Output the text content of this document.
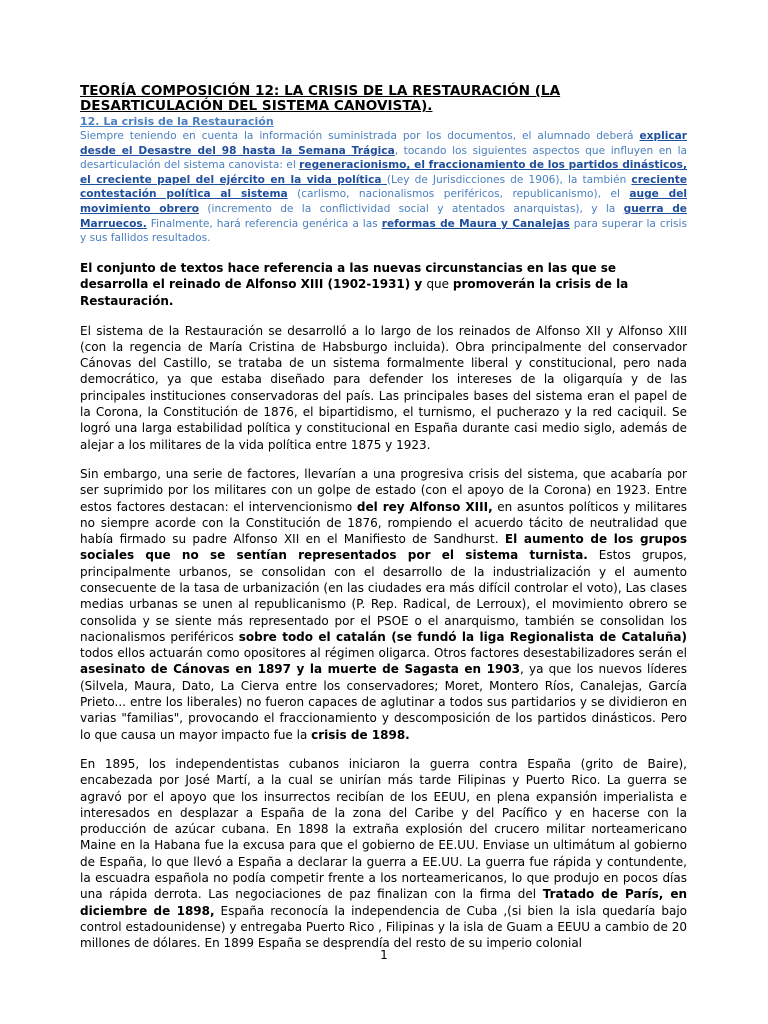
TEORÍA COMPOSICIÓN 12: LA CRISIS DE LA RESTAURACIÓN (LA DESARTICULACIÓN DEL SISTEMA CANOVISTA).
12. La crisis de la Restauración

Siempre teniendo en cuenta la información suministrada por los documentos, el alumnado deberá explicar desde el Desastre del 98 hasta la Semana Trágica, tocando los siguientes aspectos que influyen en la desarticulación del sistema canovista: el regeneracionismo, el fraccionamiento de los partidos dinásticos, el creciente papel del ejército en la vida política (Ley de Jurisdicciones de 1906), la también creciente contestación política al sistema (carlismo, nacionalismos periféricos, republicanismo), el auge del movimiento obrero (incremento de la conflictividad social y atentados anarquistas), y la guerra de Marruecos. Finalmente, hará referencia genérica a las reformas de Maura y Canalejas para superar la crisis y sus fallidos resultados.

El conjunto de textos hace referencia a las nuevas circunstancias en las que se desarrolla el reinado de Alfonso XIII (1902-1931) y que promoverán la crisis de la Restauración.

El sistema de la Restauración se desarrolló a lo largo de los reinados de Alfonso XII y Alfonso XIII (con la regencia de María Cristina de Habsburgo incluida). Obra principalmente del conservador Cánovas del Castillo, se trataba de un sistema formalmente liberal y constitucional, pero nada democrático, ya que estaba diseñado para defender los intereses de la oligarquía y de las principales instituciones conservadoras del país. Las principales bases del sistema eran el papel de la Corona, la Constitución de 1876, el bipartidismo, el turnismo, el pucherazo y la red caciquil. Se logró una larga estabilidad política y constitucional en España durante casi medio siglo, además de alejar a los militares de la vida política entre 1875 y 1923.

Sin embargo, una serie de factores, llevarían a una progresiva crisis del sistema, que acabaría por ser suprimido por los militares con un golpe de estado (con el apoyo de la Corona) en 1923. Entre estos factores destacan: el intervencionismo del rey Alfonso XIII, en asuntos políticos y militares no siempre acorde con la Constitución de 1876, rompiendo el acuerdo tácito de neutralidad que había firmado su padre Alfonso XII en el Manifiesto de Sandhurst. El aumento de los grupos sociales que no se sentían representados por el sistema turnista. Estos grupos, principalmente urbanos, se consolidan con el desarrollo de la industrialización y el aumento consecuente de la tasa de urbanización (en las ciudades era más difícil controlar el voto), Las clases medias urbanas se unen al republicanismo (P. Rep. Radical, de Lerroux), el movimiento obrero se consolida y se siente más representado por el PSOE o el anarquismo, también se consolidan los nacionalismos periféricos sobre todo el catalán (se fundó la liga Regionalista de Cataluña) todos ellos actuarán como opositores al régimen oligarca. Otros factores desestabilizadores serán el asesinato de Cánovas en 1897 y la muerte de Sagasta en 1903, ya que los nuevos líderes (Silvela, Maura, Dato, La Cierva entre los conservadores; Moret, Montero Ríos, Canalejas, García Prieto... entre los liberales) no fueron capaces de aglutinar a todos sus partidarios y se dividieron en varias "familias", provocando el fraccionamiento y descomposición de los partidos dinásticos. Pero lo que causa un mayor impacto fue la crisis de 1898.

En 1895, los independentistas cubanos iniciaron la guerra contra España (grito de Baire), encabezada por José Martí, a la cual se unirían más tarde Filipinas y Puerto Rico. La guerra se agravó por el apoyo que los insurrectos recibían de los EEUU, en plena expansión imperialista e interesados en desplazar a España de la zona del Caribe y del Pacífico y en hacerse con la producción de azúcar cubana. En 1898 la extraña explosión del crucero militar norteamericano Maine en la Habana fue la excusa para que el gobierno de EE.UU. Enviase un ultimátum al gobierno de España, lo que llevó a España a declarar la guerra a EE.UU. La guerra fue rápida y contundente, la escuadra española no podía competir frente a los norteamericanos, lo que produjo en pocos días una rápida derrota. Las negociaciones de paz finalizan con la firma del Tratado de París, en diciembre de 1898, España reconocía la independencia de Cuba ,(si bien la isla quedaría bajo control estadounidense) y entregaba Puerto Rico , Filipinas y la isla de Guam a EEUU a cambio de 20 millones de dólares. En 1899 España se desprendía del resto de su imperio colonial

1
